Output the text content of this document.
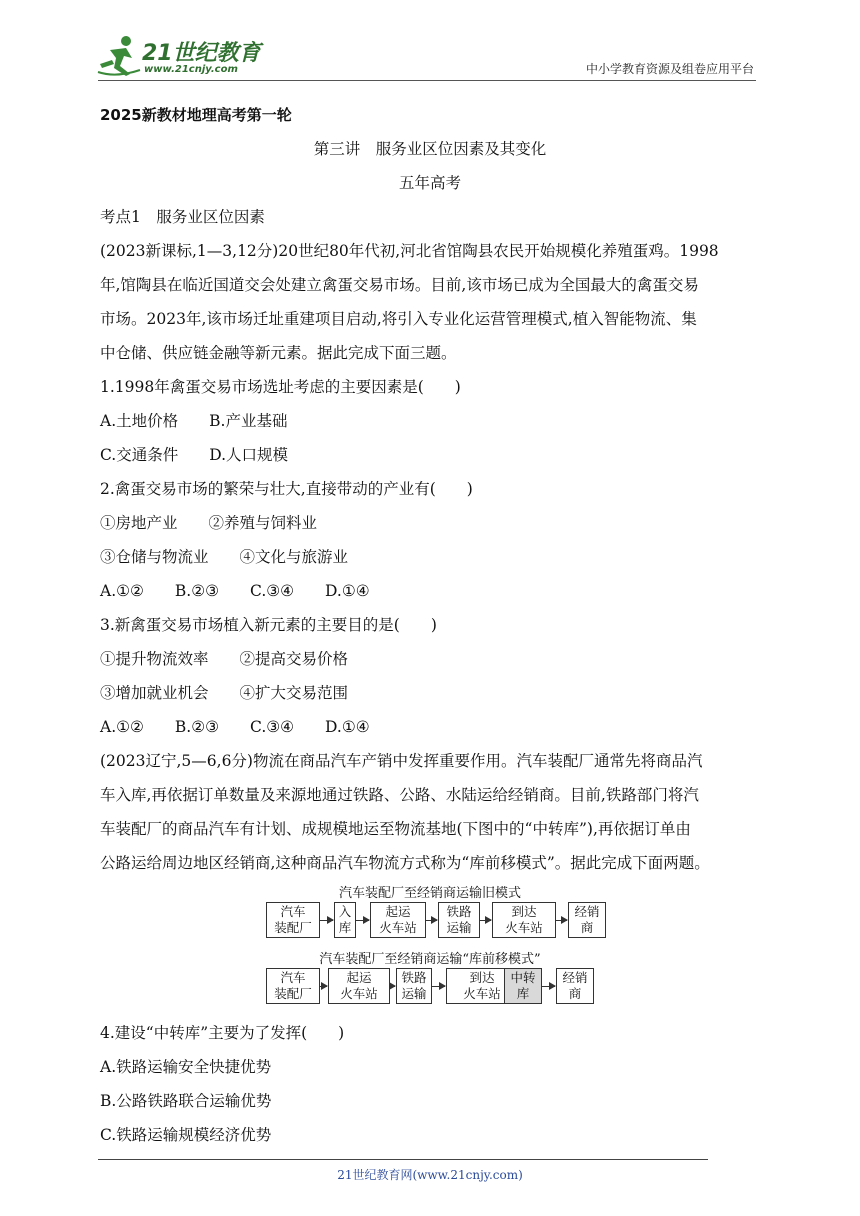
21世纪教育
www.21cnjy.com	中小学教育资源及组卷应用平台
2025新教材地理高考第一轮
第三讲　服务业区位因素及其变化
五年高考
考点1　服务业区位因素
(2023新课标,1—3,12分)20世纪80年代初,河北省馆陶县农民开始规模化养殖蛋鸡。1998
年,馆陶县在临近国道交会处建立禽蛋交易市场。目前,该市场已成为全国最大的禽蛋交易
市场。2023年,该市场迁址重建项目启动,将引入专业化运营管理模式,植入智能物流、集
中仓储、供应链金融等新元素。据此完成下面三题。
1.1998年禽蛋交易市场选址考虑的主要因素是(　　)
A.土地价格　　B.产业基础
C.交通条件　　D.人口规模
2.禽蛋交易市场的繁荣与壮大,直接带动的产业有(　　)
①房地产业　　②养殖与饲料业
③仓储与物流业　　④文化与旅游业
A.①②　　B.②③　　C.③④　　D.①④
3.新禽蛋交易市场植入新元素的主要目的是(　　)
①提升物流效率　　②提高交易价格
③增加就业机会　　④扩大交易范围
A.①②　　B.②③　　C.③④　　D.①④
(2023辽宁,5—6,6分)物流在商品汽车产销中发挥重要作用。汽车装配厂通常先将商品汽
车入库,再依据订单数量及来源地通过铁路、公路、水陆运给经销商。目前,铁路部门将汽
车装配厂的商品汽车有计划、成规模地运至物流基地(下图中的“中转库”),再依据订单由
公路运给周边地区经销商,这种商品汽车物流方式称为“库前移模式”。据此完成下面两题。
汽车装配厂至经销商运输旧模式
汽车装配厂至经销商运输“库前移模式”
汽车
装配厂
入
库
起运
火车站
铁路
运输
到达
火车站
经销
商
汽车
装配厂
起运
火车站
铁路
运输
到达
火车站
中转
库
经销
商
4.建设“中转库”主要为了发挥(　　)
A.铁路运输安全快捷优势
B.公路铁路联合运输优势
C.铁路运输规模经济优势
21世纪教育网(www.21cnjy.com)
